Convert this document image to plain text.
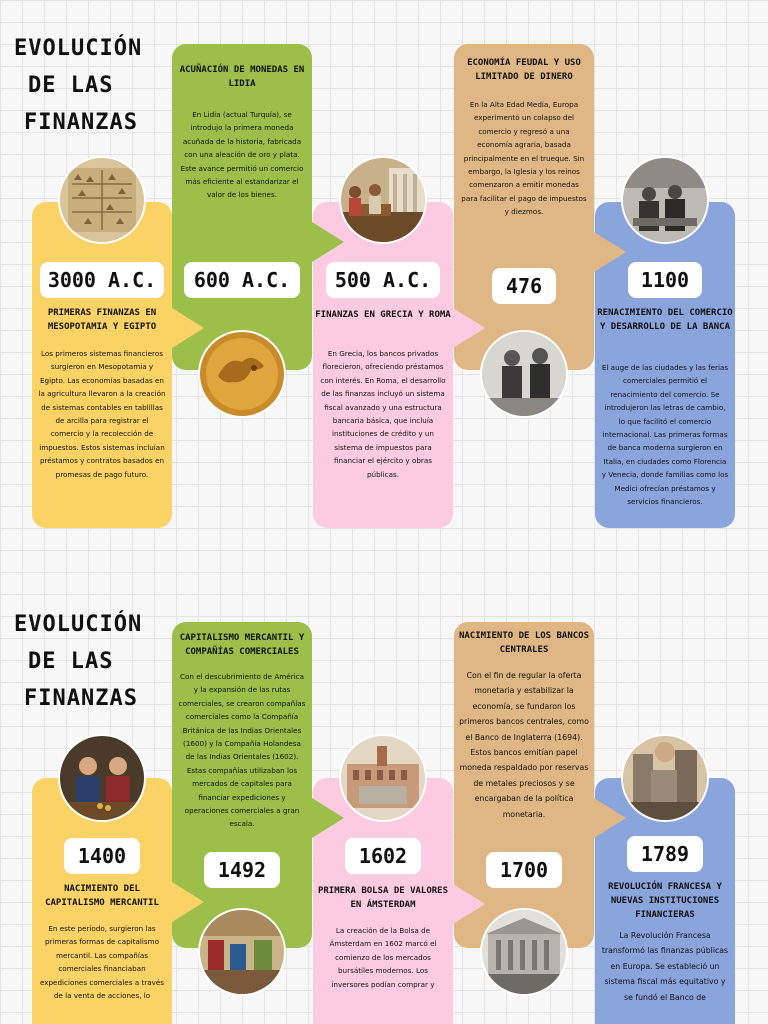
EVOLUCIÓN
DE LAS
FINANZAS
3000 A.C.	600 A.C.	500 A.C.	476	1100
PRIMERAS FINANZAS EN MESOPOTAMIA Y EGIPTO
ACUÑACIÓN DE MONEDAS EN LIDIA
FINANZAS EN GRECIA Y ROMA
ECONOMÍA FEUDAL Y USO LIMITADO DE DINERO
RENACIMIENTO DEL COMERCIO Y DESARROLLO DE LA BANCA
Los primeros sistemas financieros surgieron en Mesopotamia y Egipto. Las economías basadas en la agricultura llevaron a la creación de sistemas contables en tablillas de arcilla para registrar el comercio y la recolección de impuestos. Estos sistemas incluían préstamos y contratos basados en promesas de pago futuro.
En Lidia (actual Turquía), se introdujo la primera moneda acuñada de la historia, fabricada con una aleación de oro y plata. Este avance permitió un comercio más eficiente al estandarizar el valor de los bienes.
En Grecia, los bancos privados florecieron, ofreciendo préstamos con interés. En Roma, el desarrollo de las finanzas incluyó un sistema fiscal avanzado y una estructura bancaria básica, que incluía instituciones de crédito y un sistema de impuestos para financiar el ejército y obras públicas.
En la Alta Edad Media, Europa experimentó un colapso del comercio y regresó a una economía agraria, basada principalmente en el trueque. Sin embargo, la Iglesia y los reinos comenzaron a emitir monedas para facilitar el pago de impuestos y diezmos.
El auge de las ciudades y las ferias comerciales permitió el renacimiento del comercio. Se introdujeron las letras de cambio, lo que facilitó el comercio internacional. Las primeras formas de banca moderna surgieron en Italia, en ciudades como Florencia y Venecia, donde familias como los Medici ofrecían préstamos y servicios financieros.
EVOLUCIÓN
DE LAS
FINANZAS
1400
1492
1602
1700
1789
NACIMIENTO DEL CAPITALISMO MERCANTIL
CAPITALISMO MERCANTIL Y COMPAÑÍAS COMERCIALES
PRIMERA BOLSA DE VALORES EN ÁMSTERDAM
NACIMIENTO DE LOS BANCOS CENTRALES
REVOLUCIÓN FRANCESA Y NUEVAS INSTITUCIONES FINANCIERAS
En este período, surgieron las primeras formas de capitalismo mercantil. Las compañías comerciales financiaban expediciones comerciales a través de la venta de acciones, lo
Con el descubrimiento de América y la expansión de las rutas comerciales, se crearon compañías comerciales como la Compañía Británica de las Indias Orientales (1600) y la Compañía Holandesa de las Indias Orientales (1602). Estas compañías utilizaban los mercados de capitales para financiar expediciones y operaciones comerciales a gran escala.
La creación de la Bolsa de Ámsterdam en 1602 marcó el comienzo de los mercados bursátiles modernos. Los inversores podían comprar y
Con el fin de regular la oferta monetaria y estabilizar la economía, se fundaron los primeros bancos centrales, como el Banco de Inglaterra (1694). Estos bancos emitían papel moneda respaldado por reservas de metales preciosos y se encargaban de la política monetaria.
La Revolución Francesa transformó las finanzas públicas en Europa. Se estableció un sistema fiscal más equitativo y se fundó el Banco de
